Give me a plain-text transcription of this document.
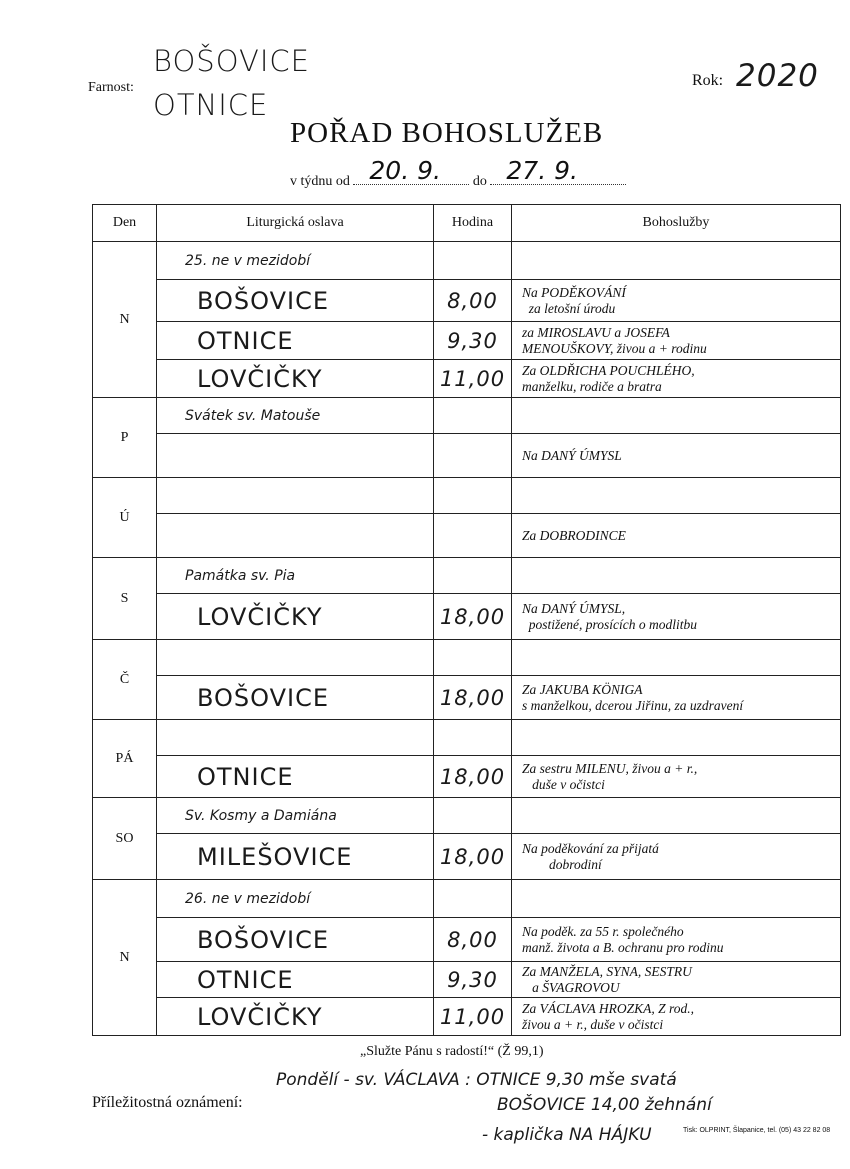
Farnost:
BOŠOVICE
OTNICE
Rok: 2020
POŘAD BOHOSLUŽEB
v týdnu od 20. 9. do 27. 9.
Den	Liturgická oslava	Hodina	Bohoslužby
N	25. ne v mezidobí		
	BOŠOVICE	8,00	Na PODĚKOVÁNÍ
za letošní úrodu
	OTNICE	9,30	za MIROSLAVU a JOSEFA
MENOUŠKOVY, živou a + rodinu
	LOVČIČKY	11,00	Za OLDŘICHA POUCHLÉHO,
manželku, rodiče a bratra
P	Svátek sv. Matouše		
			Na DANÝ ÚMYSL
Ú			
			Za DOBRODINCE
S	Památka sv. Pia		
	LOVČIČKY	18,00	Na DANÝ ÚMYSL,
postižené, prosících o modlitbu
Č			
	BOŠOVICE	18,00	Za JAKUBA KÖNIGA
s manželkou, dcerou Jiřinu, za uzdravení
PÁ			
	OTNICE	18,00	Za sestru MILENU, živou a + r.,
duše v očistci
SO	Sv. Kosmy a Damiána		
	MILEŠOVICE	18,00	Na poděkování za přijatá
dobrodiní
N	26. ne v mezidobí		
	BOŠOVICE	8,00	Na poděk. za 55 r. společného
manž. života a B. ochranu pro rodinu
	OTNICE	9,30	Za MANŽELA, SYNA, SESTRU
a ŠVAGROVOU
	LOVČIČKY	11,00	Za VÁCLAVA HROZKA, Z rod.,
živou a + r., duše v očistci
„Služte Pánu s radostí!“ (Ž 99,1)
Příležitostná oznámení:
Pondělí - sv. VÁCLAVA : OTNICE 9,30 mše svatá
BOŠOVICE 14,00 žehnání
- kaplička NA HÁJKU	Tisk: OLPRINT, Šlapanice, tel. (05) 43 22 82 08
